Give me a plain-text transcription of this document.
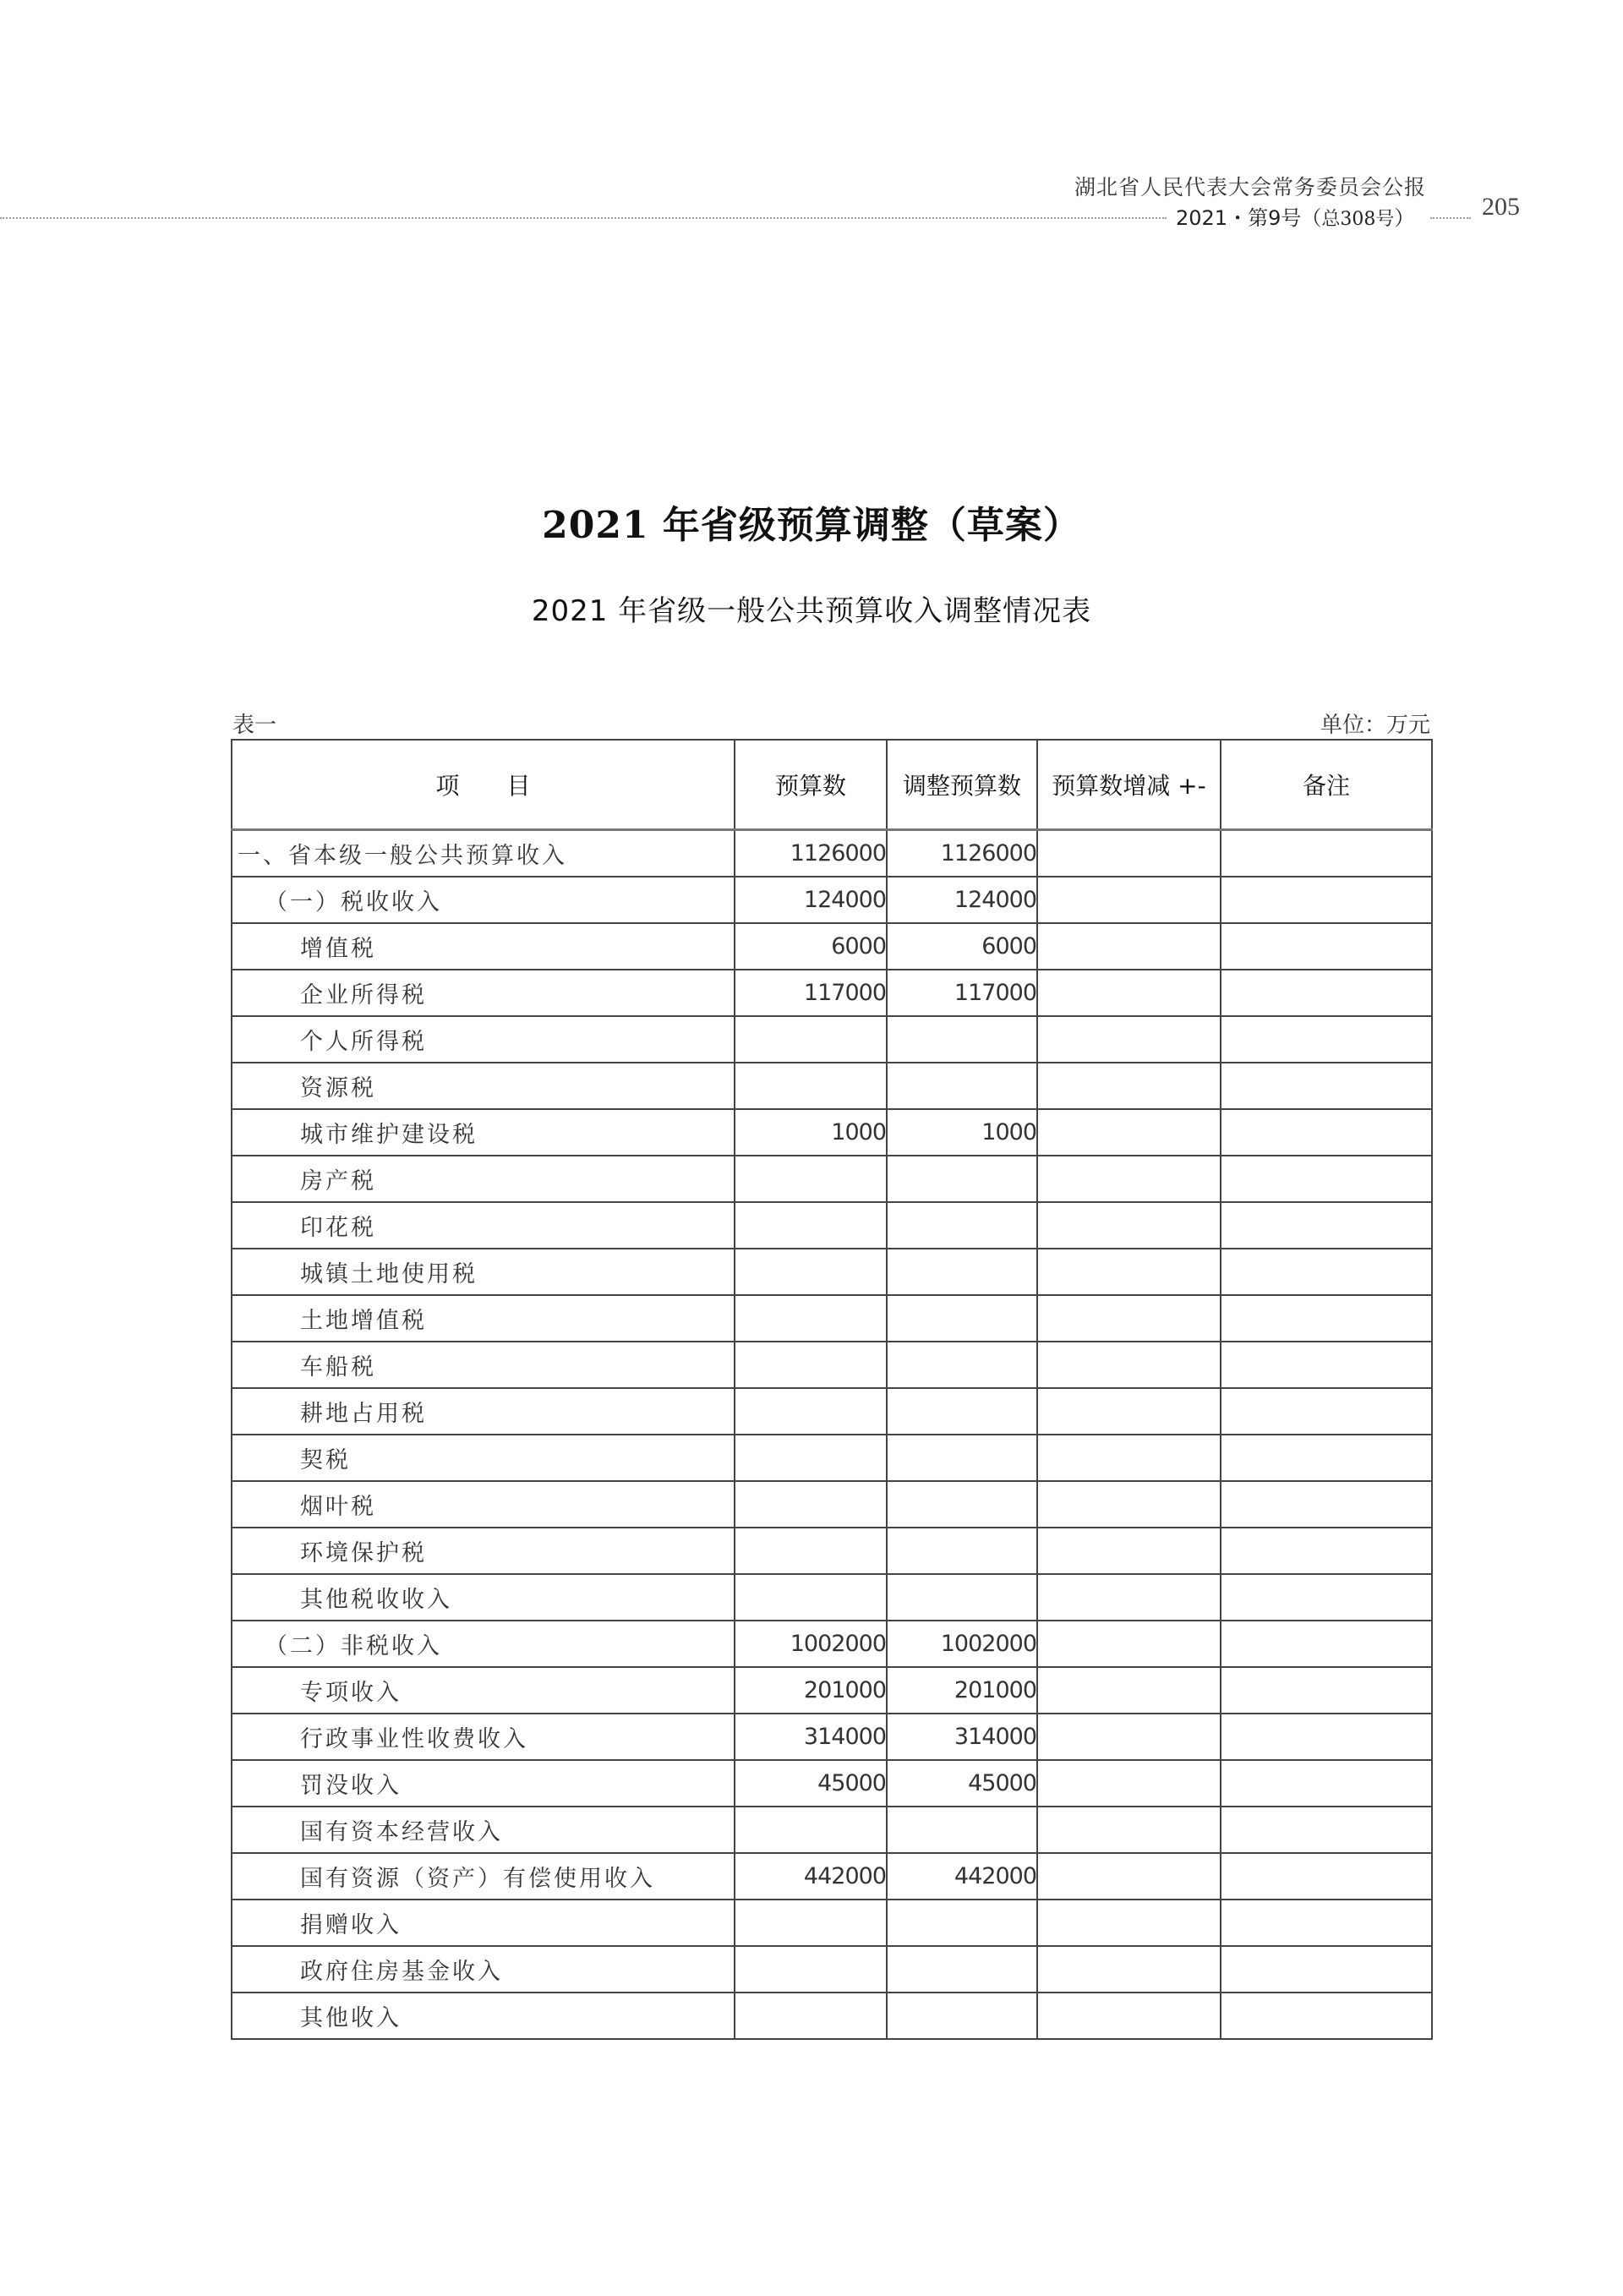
湖北省人民代表大会常务委员会公报
2021・第9号（总308号）	205
2021 年省级预算调整（草案）
2021 年省级一般公共预算收入调整情况表
表一	单位：万元
项　　目	预算数	调整预算数	预算数增减 +-	备注
一、省本级一般公共预算收入	1126000	1126000		
（一）税收收入	124000	124000		
增值税	6000	6000		
企业所得税	117000	117000		
个人所得税				
资源税				
城市维护建设税	1000	1000		
房产税				
印花税				
城镇土地使用税				
土地增值税				
车船税				
耕地占用税				
契税				
烟叶税				
环境保护税				
其他税收收入				
（二）非税收入	1002000	1002000		
专项收入	201000	201000		
行政事业性收费收入	314000	314000		
罚没收入	45000	45000		
国有资本经营收入				
国有资源（资产）有偿使用收入	442000	442000		
捐赠收入				
政府住房基金收入				
其他收入				
